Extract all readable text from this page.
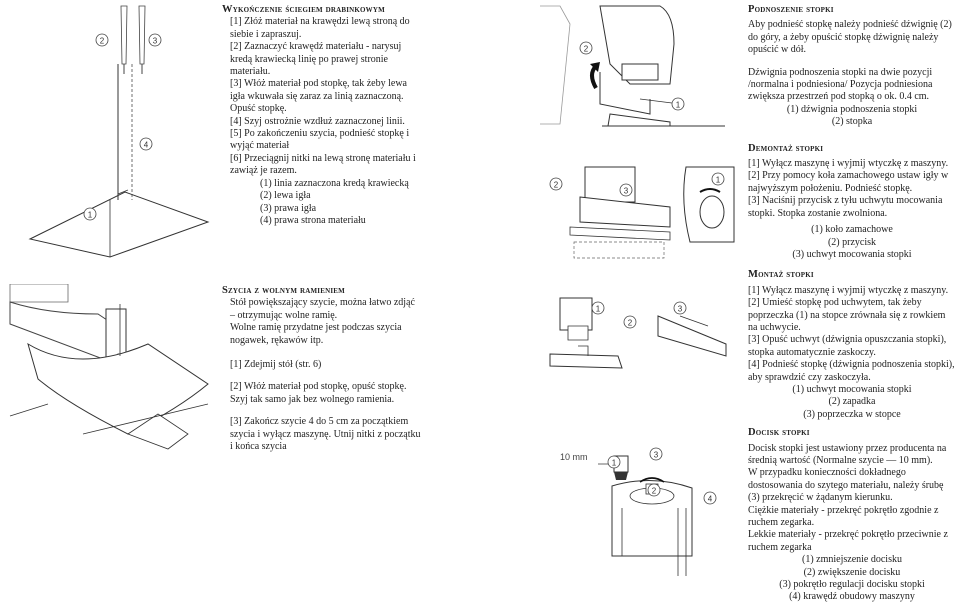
2	3
4
1

Wykończenie ściegiem drabinkowym

[1] Złóż materiał na krawędzi lewą stroną do siebie i zapraszuj.

[2] Zaznaczyć krawędź materiału - narysuj kredą krawiecką linię po prawej stronie materiału.

[3] Włóż materiał pod stopkę, tak żeby lewa igła wkuwała się zaraz za linią zaznaczoną. Opuść stopkę.

[4] Szyj ostrożnie wzdłuż zaznaczonej linii.

[5] Po zakończeniu szycia, podnieść stopkę i wyjąć materiał

[6] Przeciągnij nitki na lewą stronę materiału i zawiąż je razem.

(1) linia zaznaczona kredą krawiecką

(2) lewa igła

(3) prawa igła

(4) prawa strona materiału

Szycia z wolnym ramieniem

Stół powiększający szycie, można łatwo zdjąć – otrzymując wolne ramię.

Wolne ramię przydatne jest podczas szycia nogawek, rękawów itp.

[1] Zdejmij stół (str. 6)

[2] Włóż materiał pod stopkę, opuść stopkę. Szyj tak samo jak bez wolnego ramienia.

[3] Zakończ szycie 4 do 5 cm za początkiem szycia i wyłącz maszynę. Utnij nitki z początku i końca szycia

2
1
2
3
1
1
2
3
10 mm
1
2
3
4

Podnoszenie stopki

Aby podnieść stopkę należy podnieść dźwignię (2) do góry, a żeby opuścić stopkę dźwignię należy opuścić w dół.

Dźwignia podnoszenia stopki na dwie pozycji /normalna i podniesiona/ Pozycja podniesiona zwiększa przestrzeń pod stopką o ok. 0.4 cm.

(1) dźwignia podnoszenia stopki

(2) stopka

Demontaż stopki

[1] Wyłącz maszynę i wyjmij wtyczkę z maszyny.

[2] Przy pomocy koła zamachowego ustaw igły w najwyższym położeniu. Podnieść stopkę.

[3] Naciśnij przycisk z tyłu uchwytu mocowania stopki. Stopka zostanie zwolniona.

(1) koło zamachowe

(2) przycisk

(3) uchwyt mocowania stopki

Montaż stopki

[1] Wyłącz maszynę i wyjmij wtyczkę z maszyny.

[2] Umieść stopkę pod uchwytem, tak żeby poprzeczka (1) na stopce zrównała się z rowkiem na uchwycie.

[3] Opuść uchwyt (dźwignia opuszczania stopki), stopka automatycznie zaskoczy.

[4] Podnieść stopkę (dźwignia podnoszenia stopki), aby sprawdzić czy zaskoczyła.

(1) uchwyt mocowania stopki

(2) zapadka

(3) poprzeczka w stopce

Docisk stopki

Docisk stopki jest ustawiony przez producenta na średnią wartość (Normalne szycie — 10 mm).

W przypadku konieczności dokładnego dostosowania do szytego materiału, należy śrubę (3) przekręcić w żądanym kierunku.

Ciężkie materiały - przekręć pokrętło zgodnie z ruchem zegarka.

Lekkie materiały - przekręć pokrętło przeciwnie z ruchem zegarka

(1) zmniejszenie docisku

(2) zwiększenie docisku

(3) pokrętło regulacji docisku stopki

(4) krawędź obudowy maszyny
